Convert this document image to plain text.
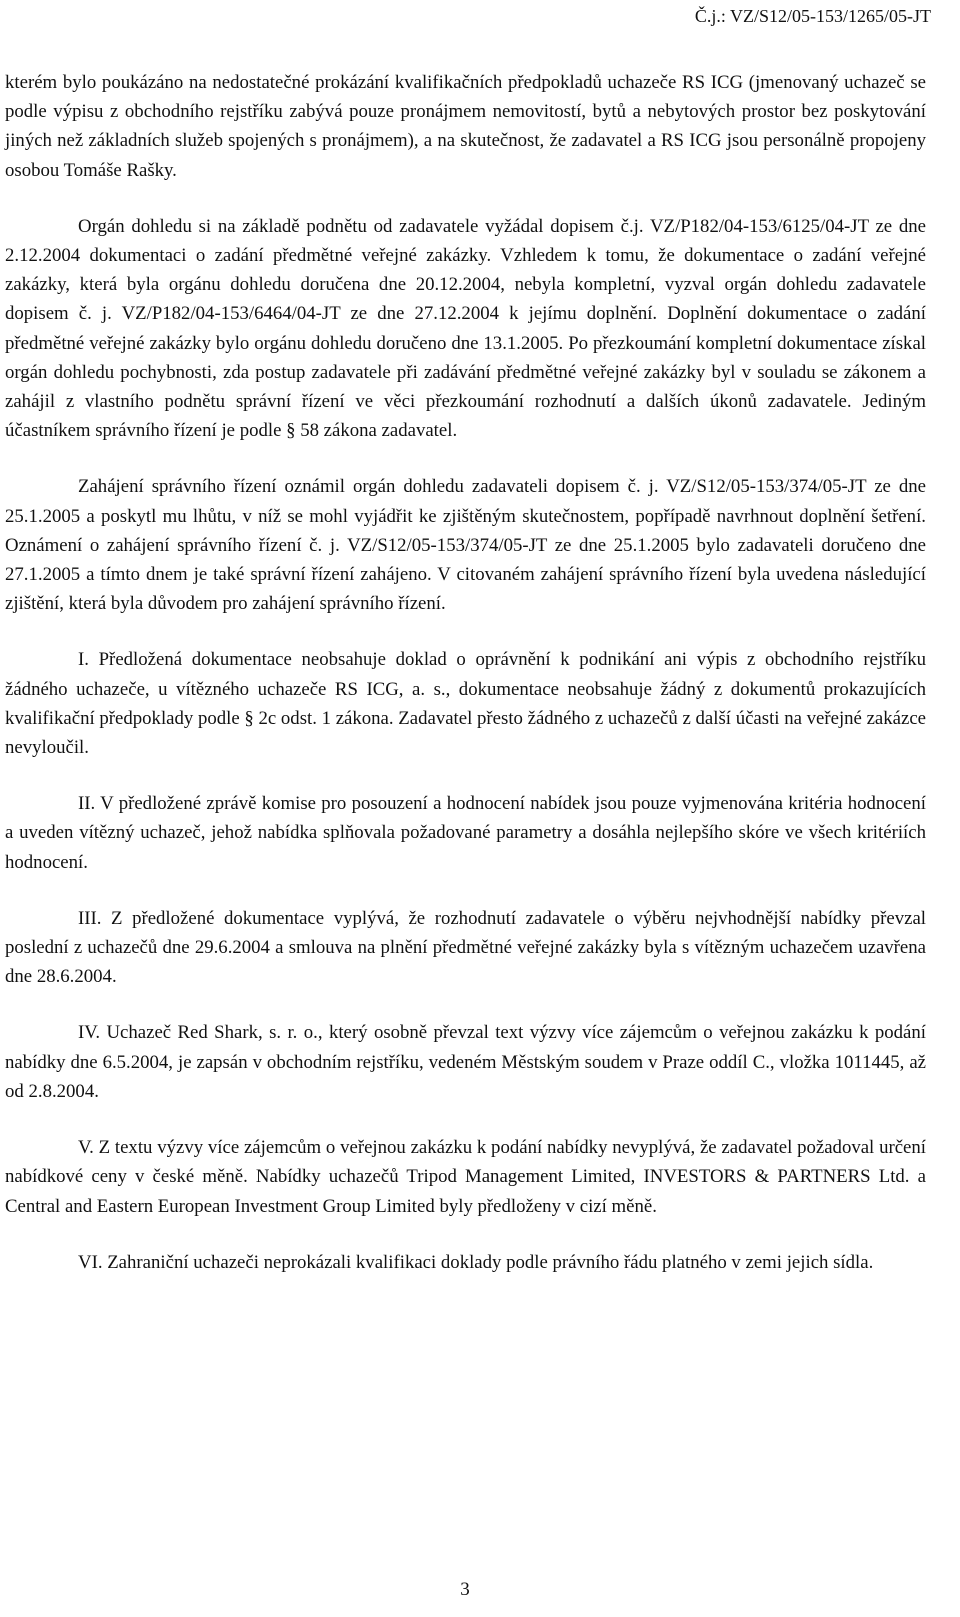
Č.j.: VZ/S12/05-153/1265/05-JT

kterém bylo poukázáno na nedostatečné prokázání kvalifikačních předpokladů uchazeče RS ICG (jmenovaný uchazeč se podle výpisu z obchodního rejstříku zabývá pouze pronájmem nemovitostí, bytů a nebytových prostor bez poskytování jiných než základních služeb spojených s pronájmem), a na skutečnost, že zadavatel a RS ICG jsou personálně propojeny osobou Tomáše Rašky.

Orgán dohledu si na základě podnětu od zadavatele vyžádal dopisem č.j. VZ/P182/04-153/6125/04-JT ze dne 2.12.2004 dokumentaci o zadání předmětné veřejné zakázky. Vzhledem k tomu, že dokumentace o zadání veřejné zakázky, která byla orgánu dohledu doručena dne 20.12.2004, nebyla kompletní, vyzval orgán dohledu zadavatele dopisem č. j. VZ/P182/04-153/6464/04-JT ze dne 27.12.2004 k jejímu doplnění. Doplnění dokumentace o zadání předmětné veřejné zakázky bylo orgánu dohledu doručeno dne 13.1.2005. Po přezkoumání kompletní dokumentace získal orgán dohledu pochybnosti, zda postup zadavatele při zadávání předmětné veřejné zakázky byl v souladu se zákonem a zahájil z vlastního podnětu správní řízení ve věci přezkoumání rozhodnutí a dalších úkonů zadavatele. Jediným účastníkem správního řízení je podle § 58 zákona zadavatel.

Zahájení správního řízení oznámil orgán dohledu zadavateli dopisem č. j. VZ/S12/05-153/374/05-JT ze dne 25.1.2005 a poskytl mu lhůtu, v níž se mohl vyjádřit ke zjištěným skutečnostem, popřípadě navrhnout doplnění šetření. Oznámení o zahájení správního řízení č. j. VZ/S12/05-153/374/05-JT ze dne 25.1.2005 bylo zadavateli doručeno dne 27.1.2005 a tímto dnem je také správní řízení zahájeno. V citovaném zahájení správního řízení byla uvedena následující zjištění, která byla důvodem pro zahájení správního řízení.

I. Předložená dokumentace neobsahuje doklad o oprávnění k podnikání ani výpis z obchodního rejstříku žádného uchazeče, u vítězného uchazeče RS ICG, a. s., dokumentace neobsahuje žádný z dokumentů prokazujících kvalifikační předpoklady podle § 2c odst. 1 zákona. Zadavatel přesto žádného z uchazečů z další účasti na veřejné zakázce nevyloučil.

II. V předložené zprávě komise pro posouzení a hodnocení nabídek jsou pouze vyjmenována kritéria hodnocení a uveden vítězný uchazeč, jehož nabídka splňovala požadované parametry a dosáhla nejlepšího skóre ve všech kritériích hodnocení.

III. Z předložené dokumentace vyplývá, že rozhodnutí zadavatele o výběru nejvhodnější nabídky převzal poslední z uchazečů dne 29.6.2004 a smlouva na plnění předmětné veřejné zakázky byla s vítězným uchazečem uzavřena dne 28.6.2004.

IV. Uchazeč Red Shark, s. r. o., který osobně převzal text výzvy více zájemcům o veřejnou zakázku k podání nabídky dne 6.5.2004, je zapsán v obchodním rejstříku, vedeném Městským soudem v Praze oddíl C., vložka 1011445, až od 2.8.2004.

V. Z textu výzvy více zájemcům o veřejnou zakázku k podání nabídky nevyplývá, že zadavatel požadoval určení nabídkové ceny v české měně. Nabídky uchazečů Tripod Management Limited, INVESTORS & PARTNERS Ltd. a Central and Eastern European Investment Group Limited byly předloženy v cizí měně.

VI. Zahraniční uchazeči neprokázali kvalifikaci doklady podle právního řádu platného v zemi jejich sídla.

3
